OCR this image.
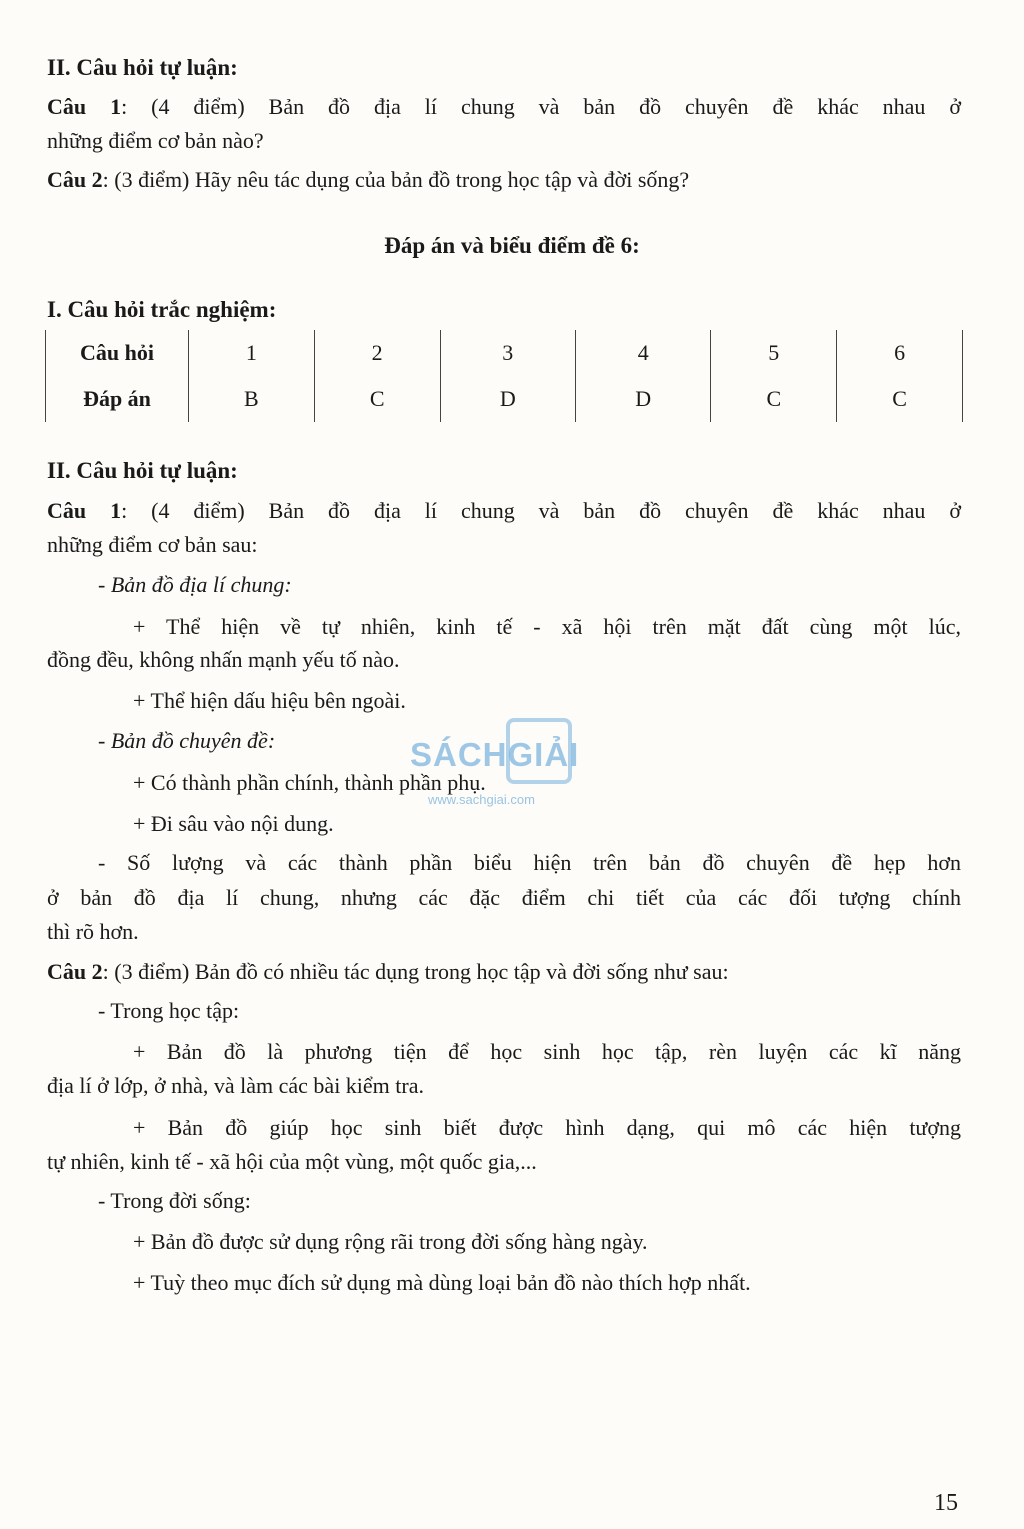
II. Câu hỏi tự luận:
Câu 1: (4 điểm) Bản đồ địa lí chung và bản đồ chuyên đề khác nhau ở
những điểm cơ bản nào?
Câu 2: (3 điểm) Hãy nêu tác dụng của bản đồ trong học tập và đời sống?
Đáp án và biểu điểm đề 6:
I. Câu hỏi trắc nghiệm:
Câu hỏi	1	2	3	4	5	6
Đáp án	B	C	D	D	C	C
II. Câu hỏi tự luận:
Câu 1: (4 điểm) Bản đồ địa lí chung và bản đồ chuyên đề khác nhau ở
những điểm cơ bản sau:
- Bản đồ địa lí chung:
+ Thể hiện về tự nhiên, kinh tế - xã hội trên mặt đất cùng một lúc,
đồng đều, không nhấn mạnh yếu tố nào.
+ Thể hiện dấu hiệu bên ngoài.
- Bản đồ chuyên đề:
+ Có thành phần chính, thành phần phụ.
+ Đi sâu vào nội dung.
- Số lượng và các thành phần biểu hiện trên bản đồ chuyên đề hẹp hơn
ở bản đồ địa lí chung, nhưng các đặc điểm chi tiết của các đối tượng chính
thì rõ hơn.
Câu 2: (3 điểm) Bản đồ có nhiều tác dụng trong học tập và đời sống như sau:
- Trong học tập:
+ Bản đồ là phương tiện để học sinh học tập, rèn luyện các kĩ năng
địa lí ở lớp, ở nhà, và làm các bài kiểm tra.
+ Bản đồ giúp học sinh biết được hình dạng, qui mô các hiện tượng
tự nhiên, kinh tế - xã hội của một vùng, một quốc gia,...
- Trong đời sống:
+ Bản đồ được sử dụng rộng rãi trong đời sống hàng ngày.
+ Tuỳ theo mục đích sử dụng mà dùng loại bản đồ nào thích hợp nhất.
SÁCHGIẢI
www.sachgiai.com
15
